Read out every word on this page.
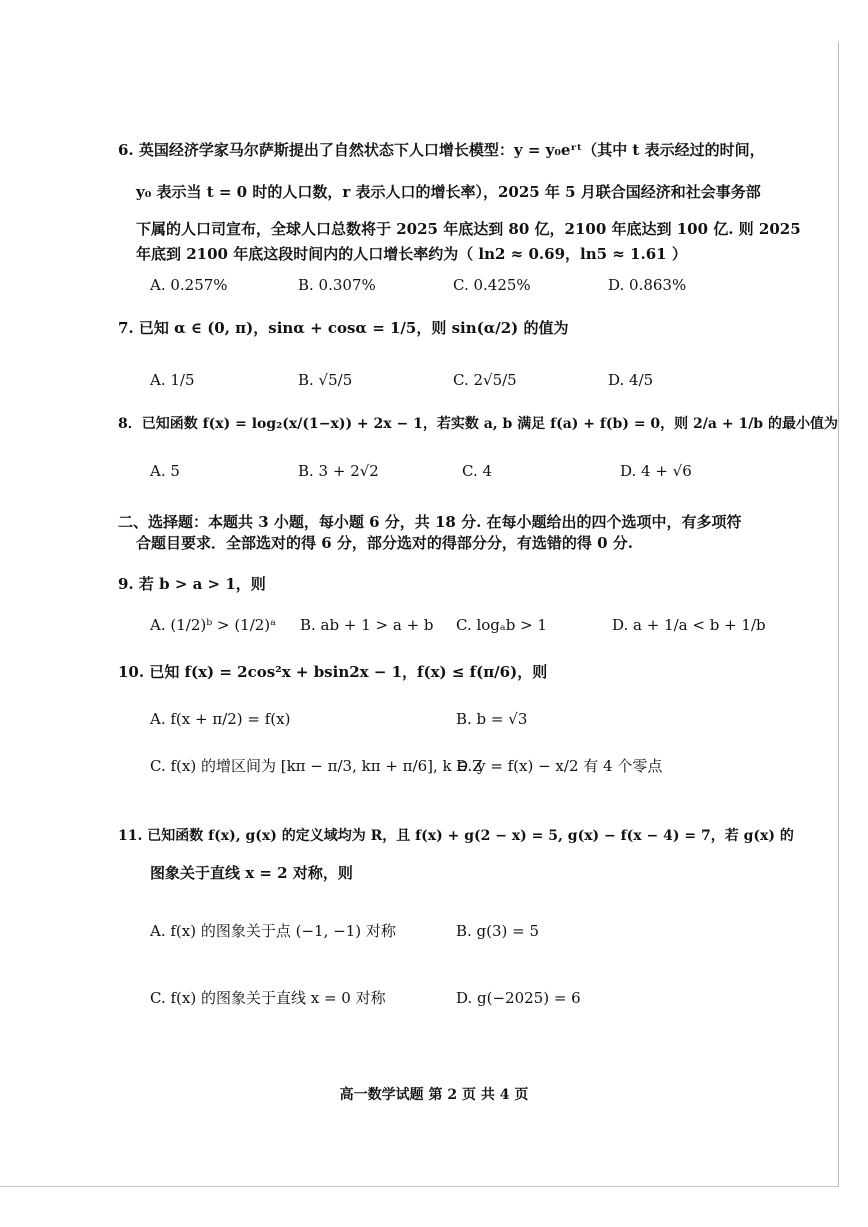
6. 英国经济学家马尔萨斯提出了自然状态下人口增长模型：y = y₀eʳᵗ（其中 t 表示经过的时间，
y₀ 表示当 t = 0 时的人口数，r 表示人口的增长率），2025 年 5 月联合国经济和社会事务部
下属的人口司宣布，全球人口总数将于 2025 年底达到 80 亿，2100 年底达到 100 亿. 则 2025
年底到 2100 年底这段时间内的人口增长率约为（ ln2 ≈ 0.69，ln5 ≈ 1.61 ）
A. 0.257%	B. 0.307%	C. 0.425%	D. 0.863%
7. 已知 α ∈ (0, π)，sinα + cosα = 1/5，则 sin(α/2) 的值为
A. 1/5	B. √5/5	C. 2√5/5	D. 4/5
8．已知函数 f(x) = log₂(x/(1−x)) + 2x − 1，若实数 a, b 满足 f(a) + f(b) = 0，则 2/a + 1/b 的最小值为
A. 5	B. 3 + 2√2	C. 4	D. 4 + √6
二、选择题：本题共 3 小题，每小题 6 分，共 18 分. 在每小题给出的四个选项中，有多项符
合题目要求．全部选对的得 6 分，部分选对的得部分分，有选错的得 0 分.
9. 若 b > a > 1，则
A. (1/2)ᵇ > (1/2)ᵃ B. ab + 1 > a + b C. logₐb > 1	D. a + 1/a < b + 1/b
10. 已知 f(x) = 2cos²x + bsin2x − 1，f(x) ≤ f(π/6)，则
A. f(x + π/2) = f(x)	B. b = √3
C. f(x) 的增区间为 [kπ − π/3, kπ + π/6], k ∈ Z
D. y = f(x) − x/2 有 4 个零点
11. 已知函数 f(x), g(x) 的定义域均为 R，且 f(x) + g(2 − x) = 5, g(x) − f(x − 4) = 7，若 g(x) 的
图象关于直线 x = 2 对称，则
A. f(x) 的图象关于点 (−1, −1) 对称	B. g(3) = 5
C. f(x) 的图象关于直线 x = 0 对称	D. g(−2025) = 6
高一数学试题 第 2 页 共 4 页
